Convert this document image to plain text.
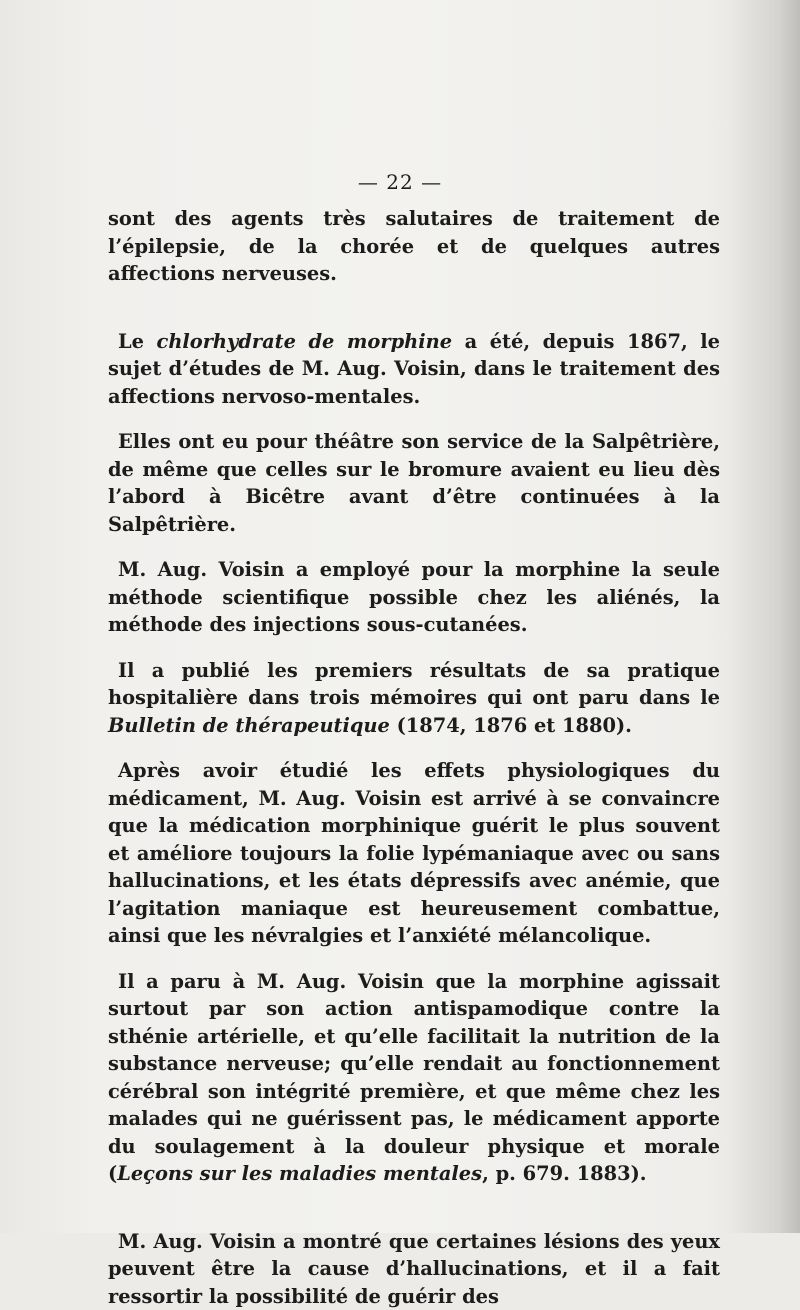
— 22 —

sont des agents très salutaires de traitement de l’épilepsie, de la chorée et de quelques autres affections nerveuses.

Le chlorhydrate de morphine a été, depuis 1867, le sujet d’études de M. Aug. Voisin, dans le traitement des affections nervoso-mentales.

Elles ont eu pour théâtre son service de la Salpêtrière, de même que celles sur le bromure avaient eu lieu dès l’abord à Bicêtre avant d’être continuées à la Salpêtrière.

M. Aug. Voisin a employé pour la morphine la seule méthode scientifique possible chez les aliénés, la méthode des injections sous-cutanées.

Il a publié les premiers résultats de sa pratique hospitalière dans trois mémoires qui ont paru dans le Bulletin de thérapeutique (1874, 1876 et 1880).

Après avoir étudié les effets physiologiques du médicament, M. Aug. Voisin est arrivé à se convaincre que la médication morphinique guérit le plus souvent et améliore toujours la folie lypémaniaque avec ou sans hallucinations, et les états dépressifs avec anémie, que l’agitation maniaque est heureusement combattue, ainsi que les névralgies et l’anxiété mélancolique.

Il a paru à M. Aug. Voisin que la morphine agissait surtout par son action antispamodique contre la sthénie artérielle, et qu’elle facilitait la nutrition de la substance nerveuse; qu’elle rendait au fonctionnement cérébral son intégrité première, et que même chez les malades qui ne guérissent pas, le médicament apporte du soulagement à la douleur physique et morale (Leçons sur les maladies mentales, p. 679. 1883).

M. Aug. Voisin a montré que certaines lésions des yeux peuvent être la cause d’hallucinations, et il a fait ressortir la possibilité de guérir des
